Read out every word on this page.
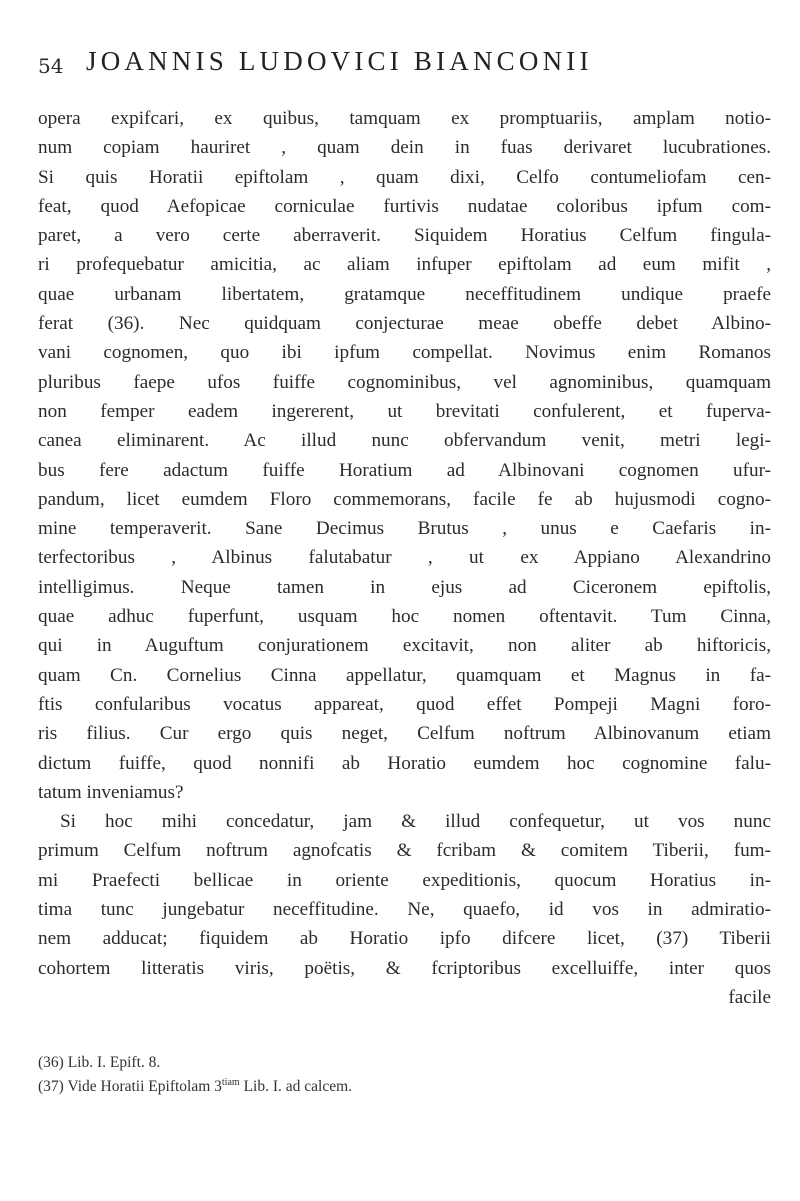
54 JOANNIS LUDOVICI BIANCONII
opera expifcari, ex quibus, tamquam ex promptuariis, amplam notio-
num copiam hauriret , quam dein in fuas derivaret lucubrationes.
Si quis Horatii epiftolam , quam dixi, Celfo contumeliofam cen-
feat, quod Aefopicae corniculae furtivis nudatae coloribus ipfum com-
paret, a vero certe aberraverit. Siquidem Horatius Celfum fingula-
ri profequebatur amicitia, ac aliam infuper epiftolam ad eum mifit ,
quae urbanam libertatem, gratamque neceffitudinem undique praefe
ferat (36). Nec quidquam conjecturae meae obeffe debet Albino-
vani cognomen, quo ibi ipfum compellat. Novimus enim Romanos
pluribus faepe ufos fuiffe cognominibus, vel agnominibus, quamquam
non femper eadem ingererent, ut brevitati confulerent, et fuperva-
canea eliminarent. Ac illud nunc obfervandum venit, metri legi-
bus fere adactum fuiffe Horatium ad Albinovani cognomen ufur-
pandum, licet eumdem Floro commemorans, facile fe ab hujusmodi cogno-
mine temperaverit. Sane Decimus Brutus , unus e Caefaris in-
terfectoribus , Albinus falutabatur , ut ex Appiano Alexandrino
intelligimus. Neque tamen in ejus ad Ciceronem epiftolis,
quae adhuc fuperfunt, usquam hoc nomen oftentavit. Tum Cinna,
qui in Auguftum conjurationem excitavit, non aliter ab hiftoricis,
quam Cn. Cornelius Cinna appellatur, quamquam et Magnus in fa-
ftis confularibus vocatus appareat, quod effet Pompeji Magni foro-
ris filius. Cur ergo quis neget, Celfum noftrum Albinovanum etiam
dictum fuiffe, quod nonnifi ab Horatio eumdem hoc cognomine falu-
tatum inveniamus?
Si hoc mihi concedatur, jam & illud confequetur, ut vos nunc
primum Celfum noftrum agnofcatis & fcribam & comitem Tiberii, fum-
mi Praefecti bellicae in oriente expeditionis, quocum Horatius in-
tima tunc jungebatur neceffitudine. Ne, quaefo, id vos in admiratio-
nem adducat; fiquidem ab Horatio ipfo difcere licet, (37) Tiberii
cohortem litteratis viris, poëtis, & fcriptoribus excelluiffe, inter quos
facile
(36) Lib. I. Epift. 8.
(37) Vide Horatii Epiftolam $3^{tiam}$ Lib. I. ad calcem.
